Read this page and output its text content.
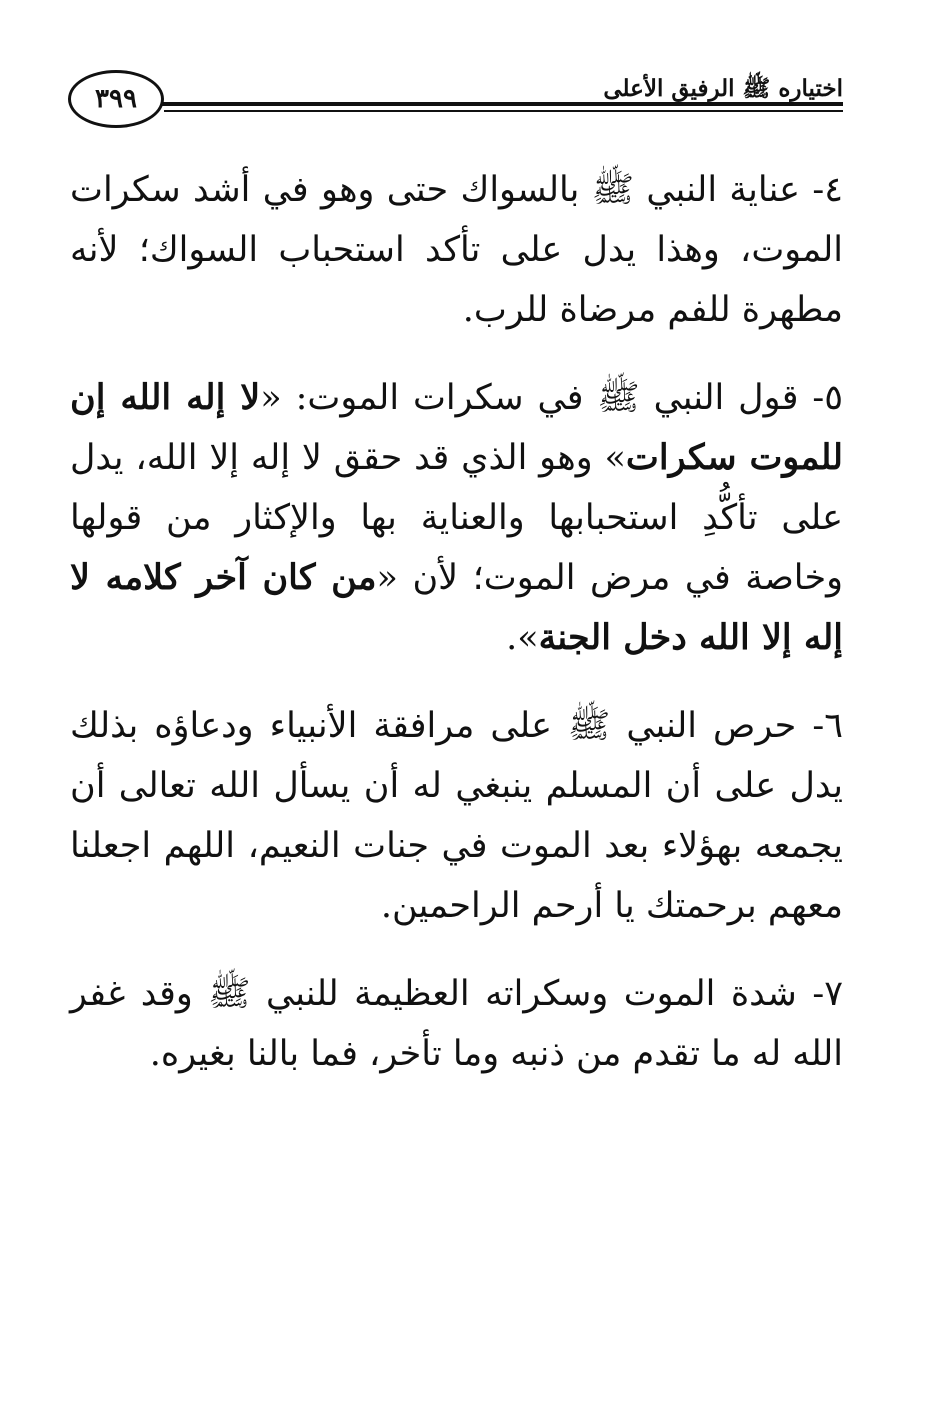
٣٩٩	اختياره ﷺ الرفيق الأعلى

٤- عناية النبي ﷺ بالسواك حتى وهو في أشد سكرات الموت، وهذا يدل على تأكد استحباب السواك؛ لأنه مطهرة للفم مرضاة للرب.

٥- قول النبي ﷺ في سكرات الموت: «لا إله الله إن للموت سكرات» وهو الذي قد حقق لا إله إلا الله، يدل على تأكُّدِ استحبابها والعناية بها والإكثار من قولها وخاصة في مرض الموت؛ لأن «من كان آخر كلامه لا إله إلا الله دخل الجنة».

٦- حرص النبي ﷺ على مرافقة الأنبياء ودعاؤه بذلك يدل على أن المسلم ينبغي له أن يسأل الله تعالى أن يجمعه بهؤلاء بعد الموت في جنات النعيم، اللهم اجعلنا معهم برحمتك يا أرحم الراحمين.

٧- شدة الموت وسكراته العظيمة للنبي ﷺ وقد غفر الله له ما تقدم من ذنبه وما تأخر، فما بالنا بغيره.
